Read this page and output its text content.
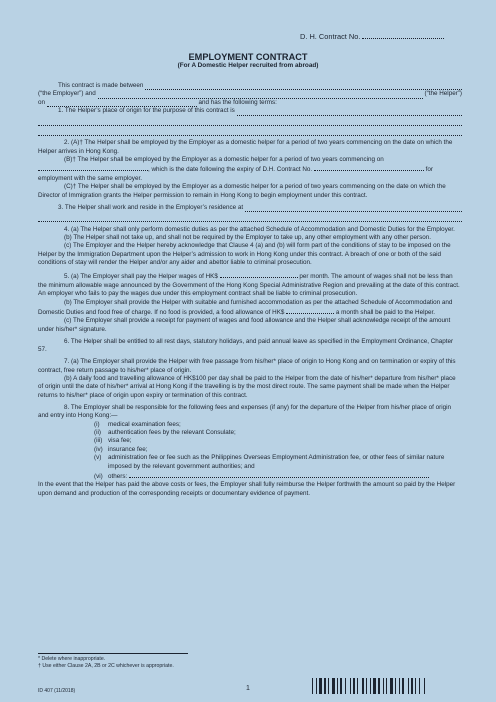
D. H. Contract No.
EMPLOYMENT CONTRACT
(For A Domestic Helper recruited from abroad)
This contract is made between

(“the Employer”) and

	(“the Helper”)
on

	and has the following terms:
1. The Helper’s place of origin for the purpose of this contract is

2. (A)† The Helper shall be employed by the Employer as a domestic helper for a period of two years commencing on the date on which the Helper arrives in Hong Kong.

(B)† The Helper shall be employed by the Employer as a domestic helper for a period of two years commencing on , which is the date following the expiry of D.H. Contract No.	for employment with the same employer.

(C)† The Helper shall be employed by the Employer as a domestic helper for a period of two years commencing on the date on which the Director of Immigration grants the Helper permission to remain in Hong Kong to begin employment under this contract.

3. The Helper shall work and reside in the Employer’s residence at

4. (a) The Helper shall only perform domestic duties as per the attached Schedule of Accommodation and Domestic Duties for the Employer.

(b) The Helper shall not take up, and shall not be required by the Employer to take up, any other employment with any other person.

(c) The Employer and the Helper hereby acknowledge that Clause 4 (a) and (b) will form part of the conditions of stay to be imposed on the Helper by the Immigration Department upon the Helper’s admission to work in Hong Kong under this contract. A breach of one or both of the said conditions of stay will render the Helper and/or any aider and abettor liable to criminal prosecution.

5. (a) The Employer shall pay the Helper wages of HK$	per month. The amount of wages shall not be less than the minimum allowable wage announced by the Government of the Hong Kong Special Administrative Region and prevailing at the date of this contract. An employer who fails to pay the wages due under this employment contract shall be liable to criminal prosecution.

(b) The Employer shall provide the Helper with suitable and furnished accommodation as per the attached Schedule of Accommodation and Domestic Duties and food free of charge. If no food is provided, a food allowance of HK$	a month shall be paid to the Helper.

(c) The Employer shall provide a receipt for payment of wages and food allowance and the Helper shall acknowledge receipt of the amount under his/her* signature.

6. The Helper shall be entitled to all rest days, statutory holidays, and paid annual leave as specified in the Employment Ordinance, Chapter 57.

7. (a) The Employer shall provide the Helper with free passage from his/her* place of origin to Hong Kong and on termination or expiry of this contract, free return passage to his/her* place of origin.

(b) A daily food and travelling allowance of HK$100 per day shall be paid to the Helper from the date of his/her* departure from his/her* place of origin until the date of his/her* arrival at Hong Kong if the travelling is by the most direct route. The same payment shall be made when the Helper returns to his/her* place of origin upon expiry or termination of this contract.

8. The Employer shall be responsible for the following fees and expenses (if any) for the departure of the Helper from his/her place of origin and entry into Hong Kong:—

(i) medical examination fees;
(ii) authentication fees by the relevant Consulate;
(iii) visa fee;
(iv) insurance fee;
(v) administration fee or fee such as the Philippines Overseas Employment Administration fee, or other fees of similar nature imposed by the relevant government authorities; and
(vi) others:

In the event that the Helper has paid the above costs or fees, the Employer shall fully reimburse the Helper forthwith the amount so paid by the Helper upon demand and production of the corresponding receipts or documentary evidence of payment.

* Delete where inappropriate.
† Use either Clause 2A, 2B or 2C whichever is appropriate.
ID 407 (11/2018)	1
